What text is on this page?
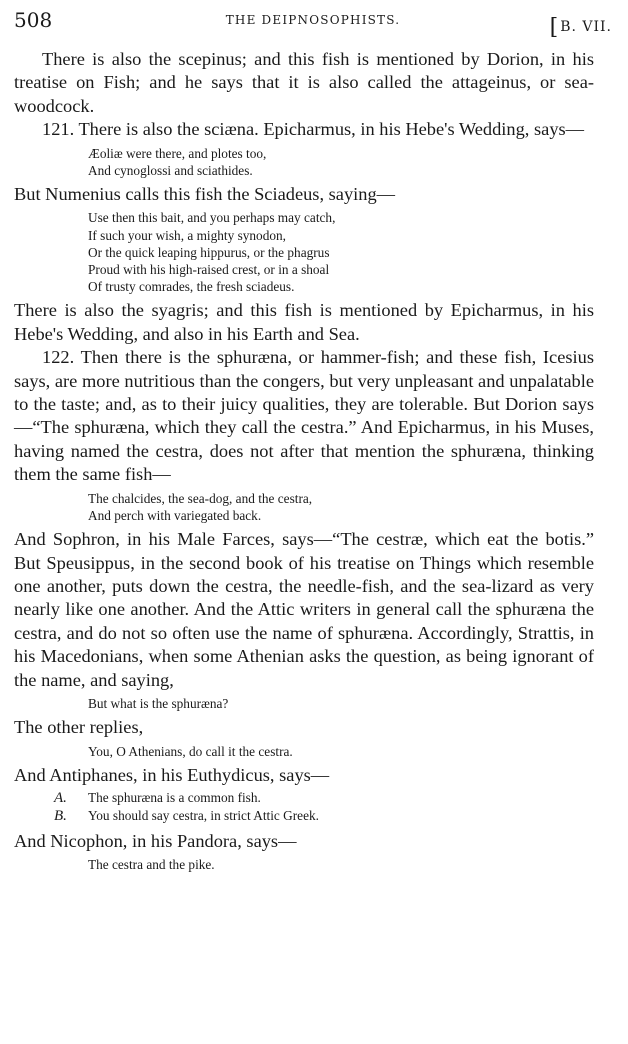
508	THE DEIPNOSOPHISTS.	[B. VII.

There is also the scepinus; and this fish is mentioned by Dorion, in his treatise on Fish; and he says that it is also called the attageinus, or sea-woodcock.

121. There is also the sciæna. Epicharmus, in his Hebe's Wedding, says—

Æoliæ were there, and plotes too,
And cynoglossi and sciathides.

But Numenius calls this fish the Sciadeus, saying—

Use then this bait, and you perhaps may catch,
If such your wish, a mighty synodon,
Or the quick leaping hippurus, or the phagrus
Proud with his high-raised crest, or in a shoal
Of trusty comrades, the fresh sciadeus.

There is also the syagris; and this fish is mentioned by Epicharmus, in his Hebe's Wedding, and also in his Earth and Sea.

122. Then there is the sphuræna, or hammer-fish; and these fish, Icesius says, are more nutritious than the congers, but very unpleasant and unpalatable to the taste; and, as to their juicy qualities, they are tolerable. But Dorion says—“The sphuræna, which they call the cestra.” And Epicharmus, in his Muses, having named the cestra, does not after that mention the sphuræna, thinking them the same fish—

The chalcides, the sea-dog, and the cestra,
And perch with variegated back.

And Sophron, in his Male Farces, says—“The cestræ, which eat the botis.” But Speusippus, in the second book of his treatise on Things which resemble one another, puts down the cestra, the needle-fish, and the sea-lizard as very nearly like one another. And the Attic writers in general call the sphuræna the cestra, and do not so often use the name of sphuræna. Accordingly, Strattis, in his Macedonians, when some Athenian asks the question, as being ignorant of the name, and saying,

But what is the sphuræna?

The other replies,

You, O Athenians, do call it the cestra.

And Antiphanes, in his Euthydicus, says—

A. The sphuræna is a common fish.
B. You should say cestra, in strict Attic Greek.

And Nicophon, in his Pandora, says—

The cestra and the pike.
